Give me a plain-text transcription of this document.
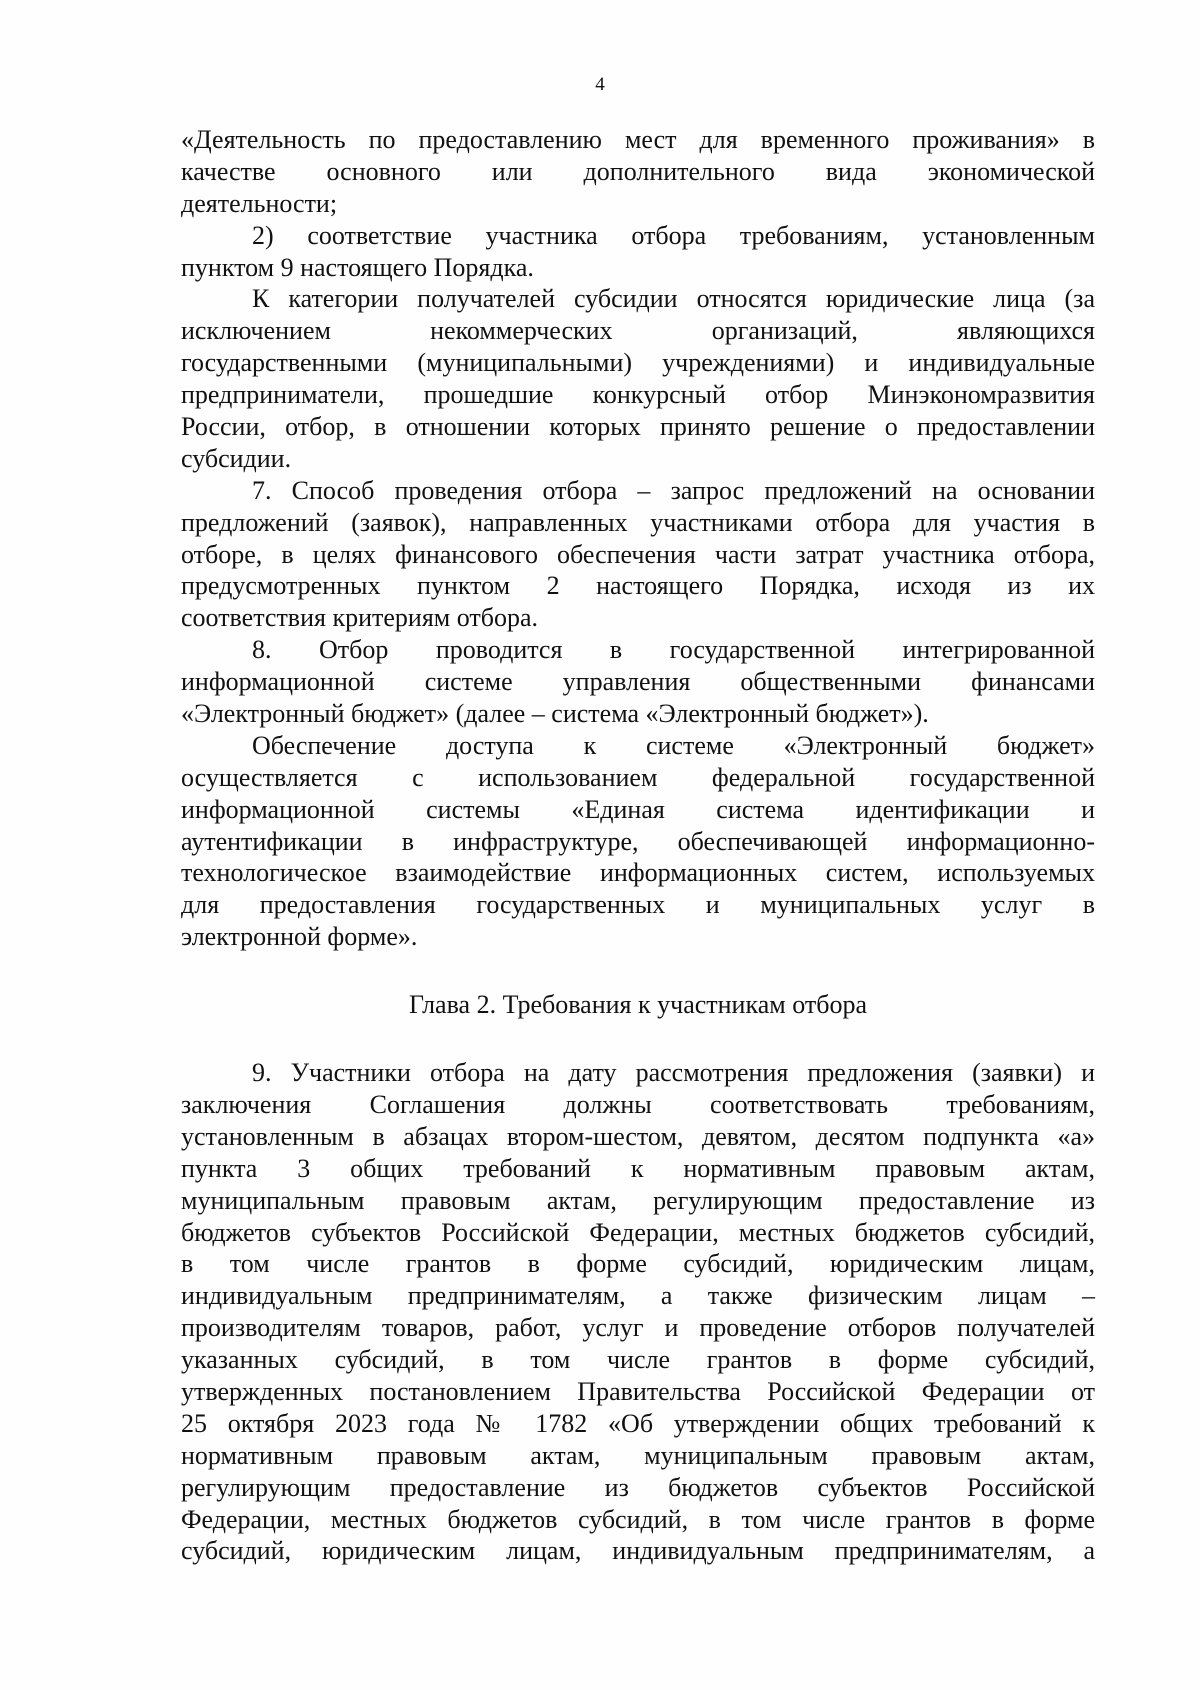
4
«Деятельность по предоставлению мест для временного проживания» в
качестве основного или дополнительного вида экономической
деятельности;
2) соответствие участника отбора требованиям, установленным
пунктом 9 настоящего Порядка.
К категории получателей субсидии относятся юридические лица (за
исключением некоммерческих организаций, являющихся
государственными (муниципальными) учреждениями) и индивидуальные
предприниматели, прошедшие конкурсный отбор Минэкономразвития
России, отбор, в отношении которых принято решение о предоставлении
субсидии.
7. Способ проведения отбора – запрос предложений на основании
предложений (заявок), направленных участниками отбора для участия в
отборе, в целях финансового обеспечения части затрат участника отбора,
предусмотренных пунктом 2 настоящего Порядка, исходя из их
соответствия критериям отбора.
8. Отбор проводится в государственной интегрированной
информационной системе управления общественными финансами
«Электронный бюджет» (далее – система «Электронный бюджет»).
Обеспечение доступа к системе «Электронный бюджет»
осуществляется с использованием федеральной государственной
информационной системы «Единая система идентификации и
аутентификации в инфраструктуре, обеспечивающей информационно-
технологическое взаимодействие информационных систем, используемых
для предоставления государственных и муниципальных услуг в
электронной форме».
Глава 2. Требования к участникам отбора
9. Участники отбора на дату рассмотрения предложения (заявки) и
заключения Соглашения должны соответствовать требованиям,
установленным в абзацах втором-шестом, девятом, десятом подпункта «а»
пункта 3 общих требований к нормативным правовым актам,
муниципальным правовым актам, регулирующим предоставление из
бюджетов субъектов Российской Федерации, местных бюджетов субсидий,
в том числе грантов в форме субсидий, юридическим лицам,
индивидуальным предпринимателям, а также физическим лицам –
производителям товаров, работ, услуг и проведение отборов получателей
указанных субсидий, в том числе грантов в форме субсидий,
утвержденных постановлением Правительства Российской Федерации от
25 октября 2023 года № 1782 «Об утверждении общих требований к
нормативным правовым актам, муниципальным правовым актам,
регулирующим предоставление из бюджетов субъектов Российской
Федерации, местных бюджетов субсидий, в том числе грантов в форме
субсидий, юридическим лицам, индивидуальным предпринимателям, а
